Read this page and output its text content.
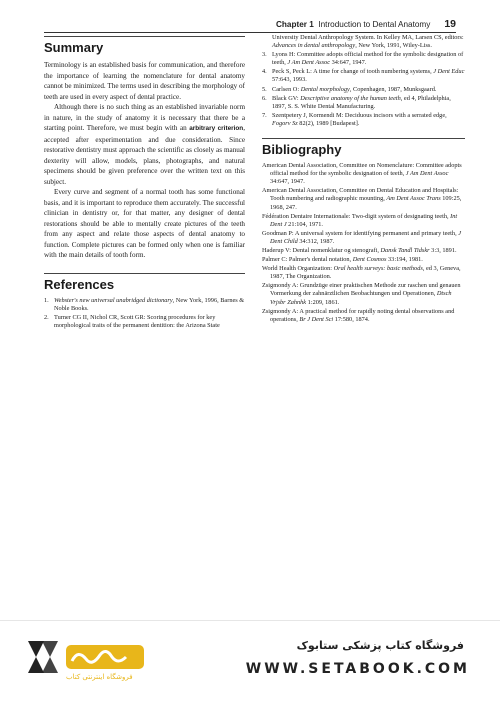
Chapter 1
Introduction to Dental Anatomy 19
Summary

Terminology is an established basis for communication, and therefore the importance of learning the nomenclature for dental anatomy cannot be minimized. The terms used in describing the morphology of teeth are used in every aspect of dental practice.

Although there is no such thing as an established invariable norm in nature, in the study of anatomy it is necessary that there be a starting point. Therefore, we must begin with an arbitrary criterion, accepted after experimentation and due consideration. Since restorative dentistry must approach the scientific as closely as manual dexterity will allow, models, plans, photographs, and natural specimens should be given preference over the written text on this subject.

Every curve and segment of a normal tooth has some functional basis, and it is important to reproduce them accurately. The successful clinician in dentistry or, for that matter, any designer of dental restorations should be able to mentally create pictures of the teeth from any aspect and relate those aspects of dental anatomy to function. Complete pictures can be formed only when one is familiar with the main details of tooth form.

References
1. Webster's new universal unabridged dictionary, New York, 1996, Barnes & Noble Books.
2. Turner CG II, Nichol CR, Scott GR: Scoring procedures for key morphological traits of the permanent dentition: the Arizona State
University Dental Anthropology System. In Kelley MA, Larsen CS, editors: Advances in dental anthropology, New York, 1991, Wiley-Liss.
3. Lyons H: Committee adopts official method for the symbolic designation of teeth, J Am Dent Assoc 34:647, 1947.
4. Peck S, Peck L: A time for change of tooth numbering systems, J Dent Educ 57:643, 1993.
5. Carlsen O: Dental morphology, Copenhagen, 1987, Munksgaard.
6. Black GV: Descriptive anatomy of the human teeth, ed 4, Philadelphia, 1897, S. S. White Dental Manufacturing.
7. Szentpetery J, Kormendi M: Deciduous incisors with a serrated edge, Fogorv Sz 82(2), 1989 [Budapest].
Bibliography
American Dental Association, Committee on Nomenclature: Committee adopts official method for the symbolic designation of teeth, J Am Dent Assoc 34:647, 1947.
American Dental Association, Committee on Dental Education and Hospitals: Tooth numbering and radiographic mounting, Am Dent Assoc Trans 109:25, 1968, 247.
Fédération Dentaire Internationale: Two-digit system of designating teeth, Int Dent J 21:104, 1971.
Goodman P: A universal system for identifying permanent and primary teeth, J Dent Child 34:312, 1987.
Haderup V: Dental nomenklatur og stenografi, Dansk Tandl Tidskr 3:3, 1891.
Palmer C: Palmer's dental notation, Dent Cosmos 33:194, 1981.
World Health Organization: Oral health surveys: basic methods, ed 3, Geneva, 1987, The Organization.
Zsigmondy A: Grundzüge einer praktischen Methode zur raschen und genauen Vormerkung der zahnärztlichen Beobachtungen und Operationen, Dtsch Vrjsbr Zahnhk 1:209, 1861.
Zsigmondy A: A practical method for rapidly noting dental observations and operations, Br J Dent Sci 17:580, 1874.
فروشگاه اینترنتی کتاب
فروشگاه کتاب پزشکی ستابوک
WWW.SETABOOK.COM
